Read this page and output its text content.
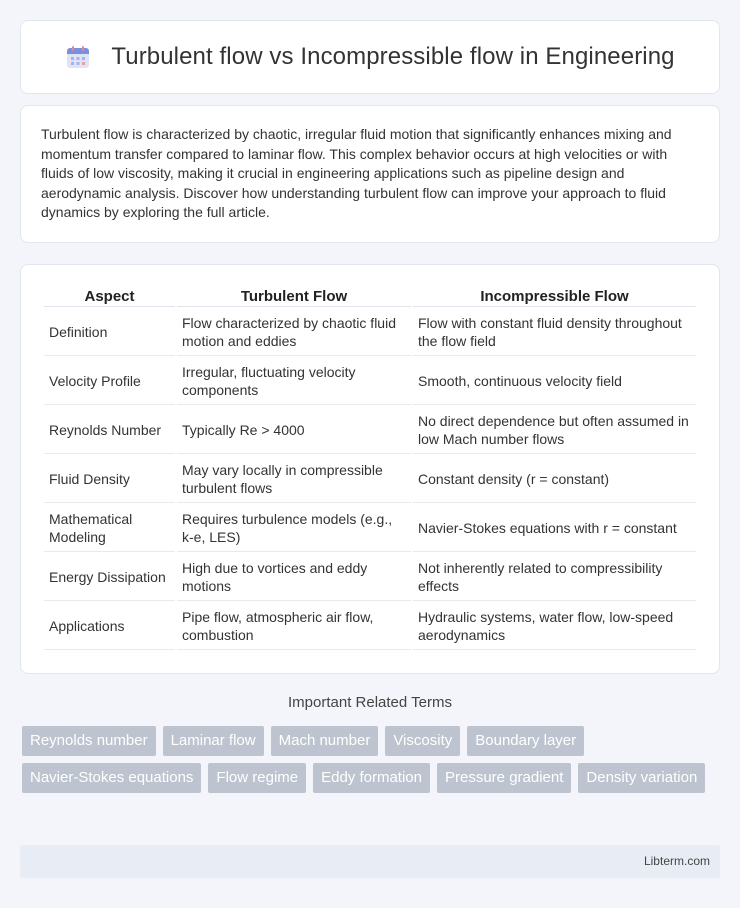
Turbulent flow vs Incompressible flow in Engineering

Turbulent flow is characterized by chaotic, irregular fluid motion that significantly enhances mixing and momentum transfer compared to laminar flow. This complex behavior occurs at high velocities or with fluids of low viscosity, making it crucial in engineering applications such as pipeline design and aerodynamic analysis. Discover how understanding turbulent flow can improve your approach to fluid dynamics by exploring the full article.

Aspect	Turbulent Flow	Incompressible Flow
Definition	Flow characterized by chaotic fluid motion and eddies	Flow with constant fluid density throughout the flow field
Velocity Profile	Irregular, fluctuating velocity components	Smooth, continuous velocity field
Reynolds Number	Typically Re > 4000	No direct dependence but often assumed in low Mach number flows
Fluid Density	May vary locally in compressible turbulent flows	Constant density (r = constant)
Mathematical Modeling	Requires turbulence models (e.g., k-e, LES)	Navier-Stokes equations with r = constant
Energy Dissipation	High due to vortices and eddy motions	Not inherently related to compressibility effects
Applications	Pipe flow, atmospheric air flow, combustion	Hydraulic systems, water flow, low-speed aerodynamics
Important Related Terms
Reynolds number	Laminar flow	Mach number	Viscosity	Boundary layer
Navier-Stokes equations	Flow regime	Eddy formation	Pressure gradient	Density variation
Libterm.com
